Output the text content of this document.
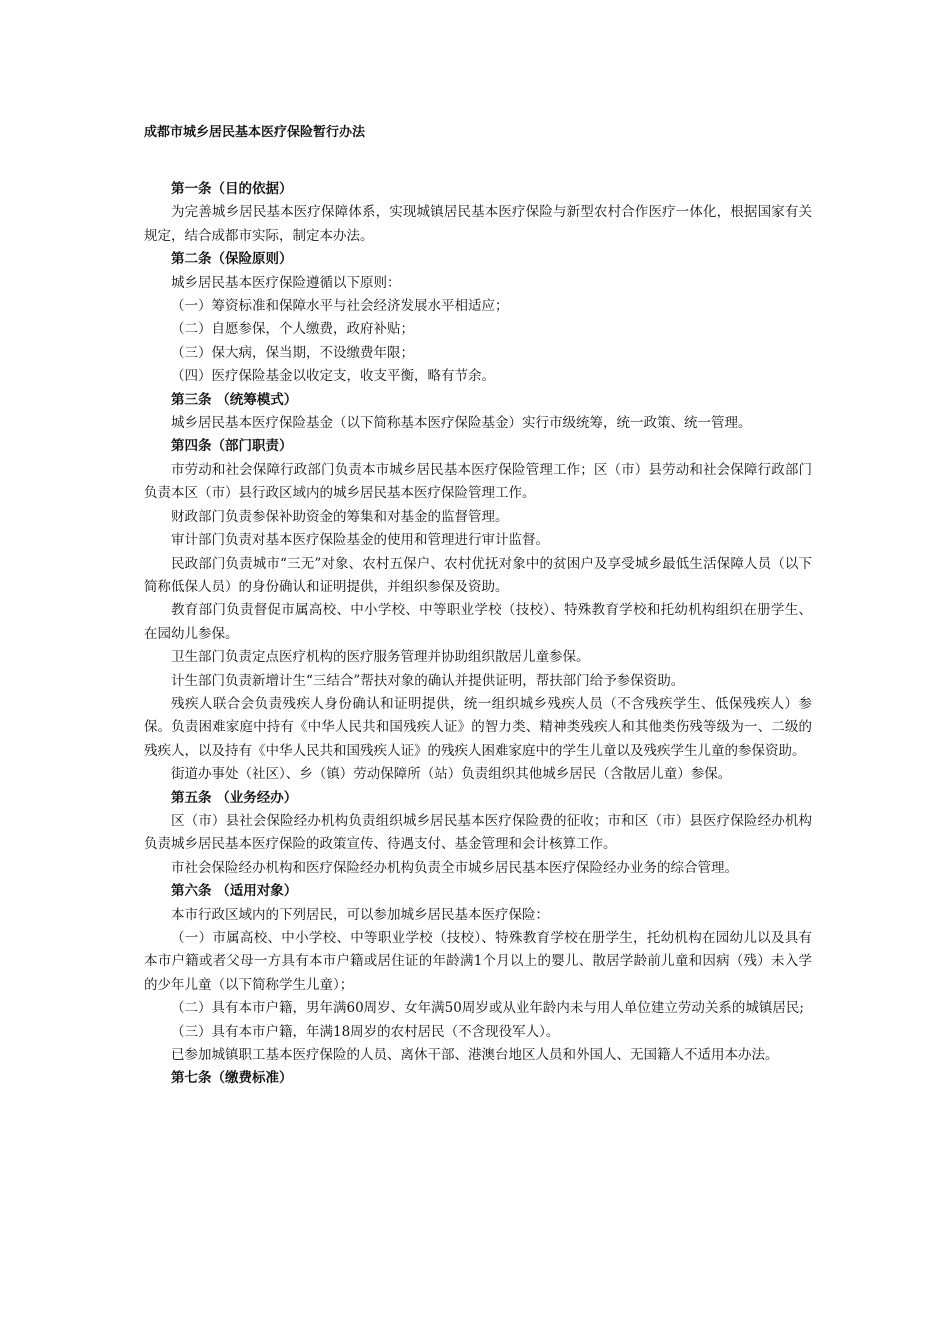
成都市城乡居民基本医疗保险暂行办法

第一条（目的依据）

为完善城乡居民基本医疗保障体系，实现城镇居民基本医疗保险与新型农村合作医疗一体化，根据国家有关规定，结合成都市实际，制定本办法。

第二条（保险原则）

城乡居民基本医疗保险遵循以下原则：

（一）筹资标准和保障水平与社会经济发展水平相适应；

（二）自愿参保，个人缴费，政府补贴；

（三）保大病，保当期，不设缴费年限；

（四）医疗保险基金以收定支，收支平衡，略有节余。

第三条 （统筹模式）

城乡居民基本医疗保险基金（以下简称基本医疗保险基金）实行市级统筹，统一政策、统一管理。

第四条（部门职责）

市劳动和社会保障行政部门负责本市城乡居民基本医疗保险管理工作；区（市）县劳动和社会保障行政部门负责本区（市）县行政区域内的城乡居民基本医疗保险管理工作。

财政部门负责参保补助资金的筹集和对基金的监督管理。

审计部门负责对基本医疗保险基金的使用和管理进行审计监督。

民政部门负责城市“三无”对象、农村五保户、农村优抚对象中的贫困户及享受城乡最低生活保障人员（以下简称低保人员）的身份确认和证明提供，并组织参保及资助。

教育部门负责督促市属高校、中小学校、中等职业学校（技校）、特殊教育学校和托幼机构组织在册学生、在园幼儿参保。

卫生部门负责定点医疗机构的医疗服务管理并协助组织散居儿童参保。

计生部门负责新增计生“三结合”帮扶对象的确认并提供证明，帮扶部门给予参保资助。

残疾人联合会负责残疾人身份确认和证明提供，统一组织城乡残疾人员（不含残疾学生、低保残疾人）参保。负责困难家庭中持有《中华人民共和国残疾人证》的智力类、精神类残疾人和其他类伤残等级为一、二级的残疾人，以及持有《中华人民共和国残疾人证》的残疾人困难家庭中的学生儿童以及残疾学生儿童的参保资助。

街道办事处（社区）、乡（镇）劳动保障所（站）负责组织其他城乡居民（含散居儿童）参保。

第五条 （业务经办）

区（市）县社会保险经办机构负责组织城乡居民基本医疗保险费的征收；市和区（市）县医疗保险经办机构负责城乡居民基本医疗保险的政策宣传、待遇支付、基金管理和会计核算工作。

市社会保险经办机构和医疗保险经办机构负责全市城乡居民基本医疗保险经办业务的综合管理。

第六条 （适用对象）

本市行政区域内的下列居民，可以参加城乡居民基本医疗保险：

（一）市属高校、中小学校、中等职业学校（技校）、特殊教育学校在册学生，托幼机构在园幼儿以及具有本市户籍或者父母一方具有本市户籍或居住证的年龄满1个月以上的婴儿、散居学龄前儿童和因病（残）未入学的少年儿童（以下简称学生儿童）；

（二）具有本市户籍，男年满60周岁、女年满50周岁或从业年龄内未与用人单位建立劳动关系的城镇居民;

（三）具有本市户籍，年满18周岁的农村居民（不含现役军人）。

已参加城镇职工基本医疗保险的人员、离休干部、港澳台地区人员和外国人、无国籍人不适用本办法。

第七条（缴费标准）
